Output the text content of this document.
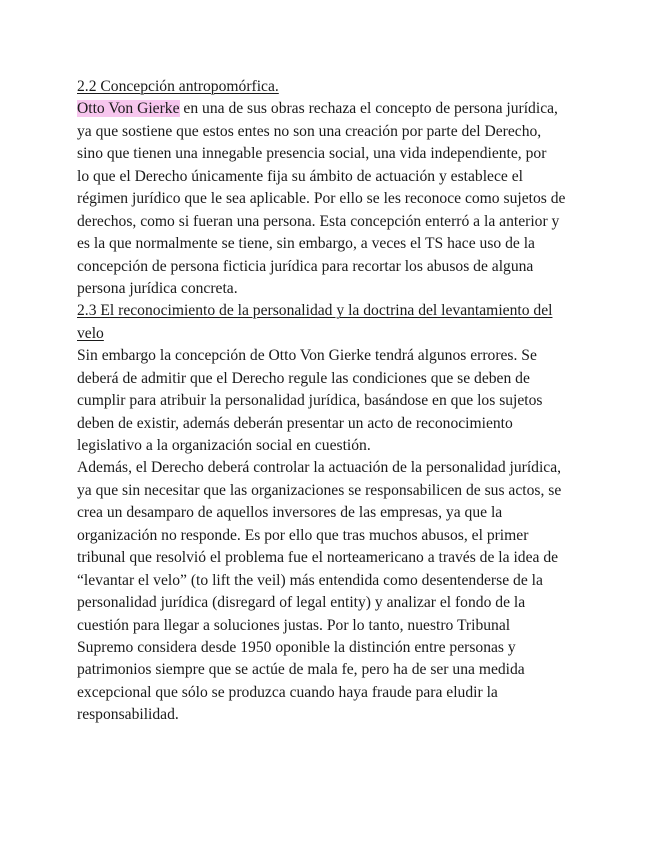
2.2 Concepción antropomórfica.
Otto Von Gierke en una de sus obras rechaza el concepto de persona jurídica,
ya que sostiene que estos entes no son una creación por parte del Derecho,
sino que tienen una innegable presencia social, una vida independiente, por
lo que el Derecho únicamente fija su ámbito de actuación y establece el
régimen jurídico que le sea aplicable. Por ello se les reconoce como sujetos de
derechos, como si fueran una persona. Esta concepción enterró a la anterior y
es la que normalmente se tiene, sin embargo, a veces el TS hace uso de la
concepción de persona ficticia jurídica para recortar los abusos de alguna
persona jurídica concreta.
2.3 El reconocimiento de la personalidad y la doctrina del levantamiento del
velo
Sin embargo la concepción de Otto Von Gierke tendrá algunos errores. Se
deberá de admitir que el Derecho regule las condiciones que se deben de
cumplir para atribuir la personalidad jurídica, basándose en que los sujetos
deben de existir, además deberán presentar un acto de reconocimiento
legislativo a la organización social en cuestión.
Además, el Derecho deberá controlar la actuación de la personalidad jurídica,
ya que sin necesitar que las organizaciones se responsabilicen de sus actos, se
crea un desamparo de aquellos inversores de las empresas, ya que la
organización no responde. Es por ello que tras muchos abusos, el primer
tribunal que resolvió el problema fue el norteamericano a través de la idea de
“levantar el velo” (to lift the veil) más entendida como desentenderse de la
personalidad jurídica (disregard of legal entity) y analizar el fondo de la
cuestión para llegar a soluciones justas. Por lo tanto, nuestro Tribunal
Supremo considera desde 1950 oponible la distinción entre personas y
patrimonios siempre que se actúe de mala fe, pero ha de ser una medida
excepcional que sólo se produzca cuando haya fraude para eludir la
responsabilidad.
